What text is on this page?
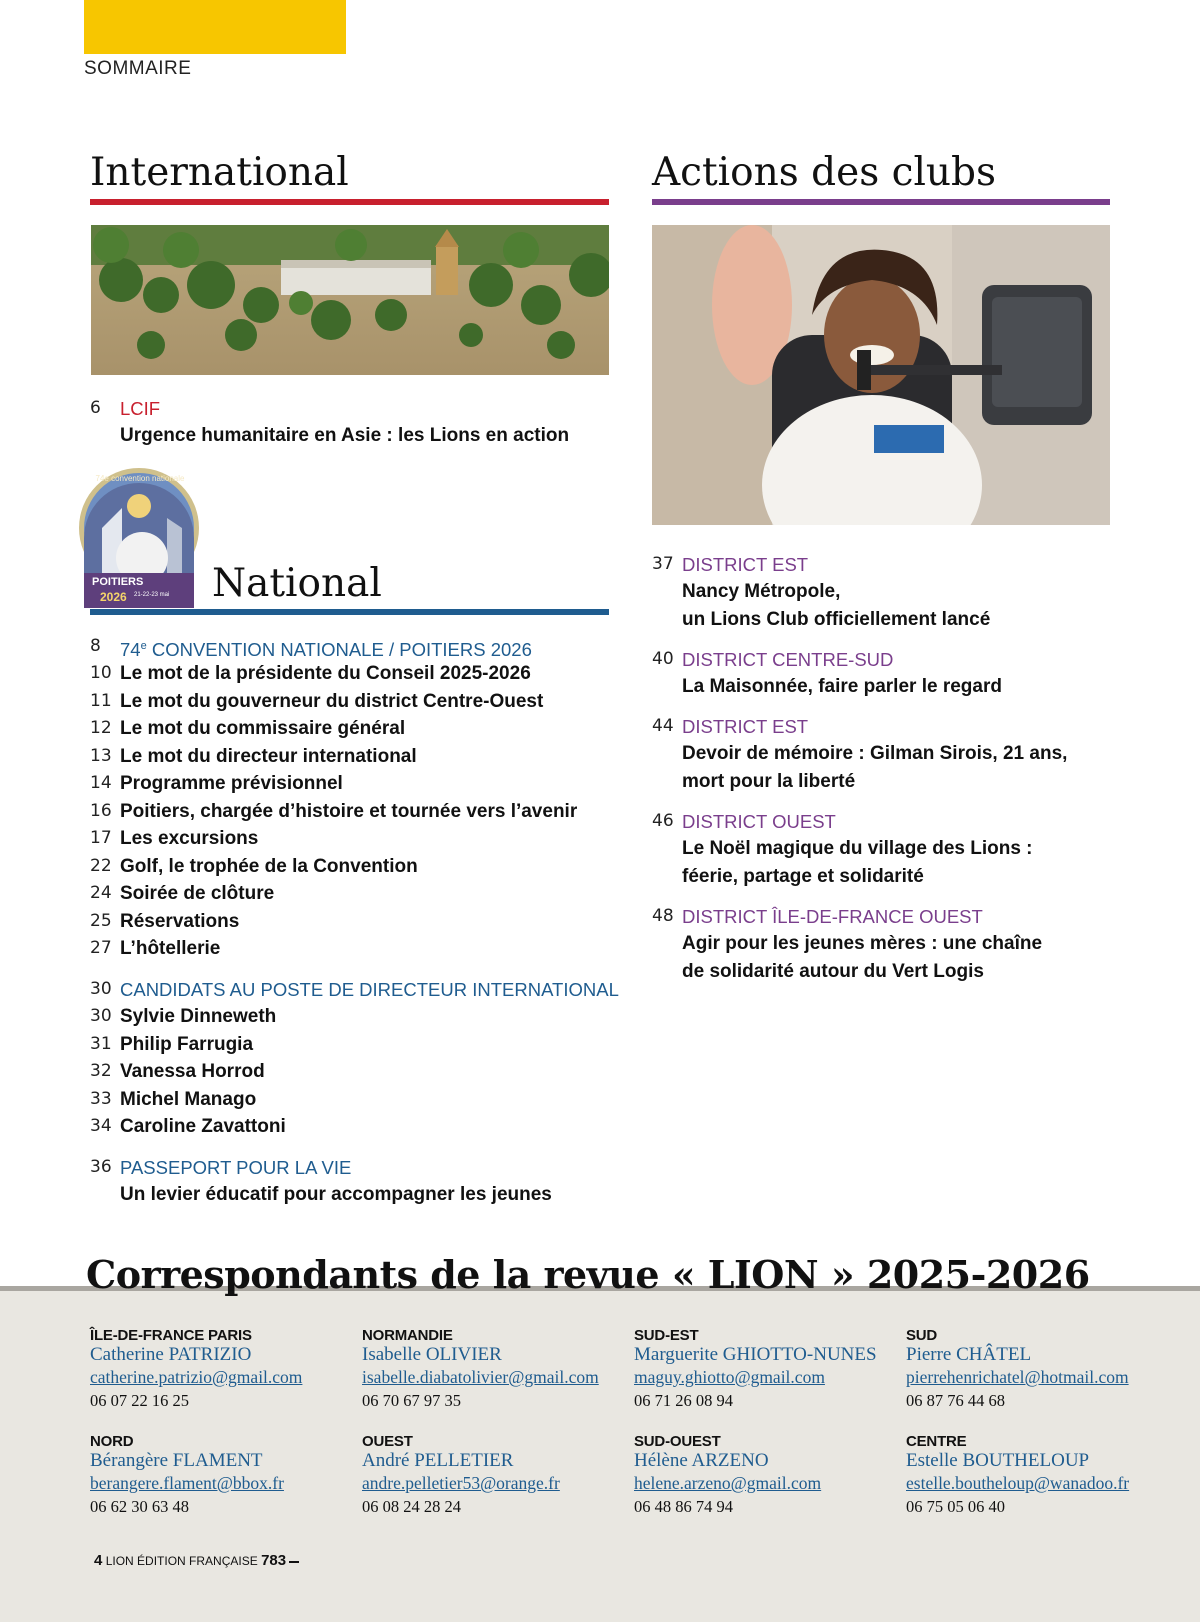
SOMMAIRE
International
6	LCIF
Urgence humanitaire en Asie : les Lions en action
POITIERS
2026 21-22-23 mai
74e convention nationale
National
8	74e CONVENTION NATIONALE / POITIERS 2026
10 Le mot de la présidente du Conseil 2025-2026
11 Le mot du gouverneur du district Centre-Ouest
12 Le mot du commissaire général
13 Le mot du directeur international
14 Programme prévisionnel
16 Poitiers, chargée d’histoire et tournée vers l’avenir
17 Les excursions
22 Golf, le trophée de la Convention
24 Soirée de clôture
25 Réservations
27 L’hôtellerie
30 CANDIDATS AU POSTE DE DIRECTEUR INTERNATIONAL
30 Sylvie Dinneweth
31 Philip Farrugia
32 Vanessa Horrod
33 Michel Manago
34 Caroline Zavattoni
36 PASSEPORT POUR LA VIE
Un levier éducatif pour accompagner les jeunes
Actions des clubs
37 DISTRICT EST
Nancy Métropole,
un Lions Club officiellement lancé
40 DISTRICT CENTRE-SUD
La Maisonnée, faire parler le regard
44 DISTRICT EST
Devoir de mémoire : Gilman Sirois, 21 ans,
mort pour la liberté
46 DISTRICT OUEST
Le Noël magique du village des Lions :
féerie, partage et solidarité
48 DISTRICT ÎLE-DE-FRANCE OUEST
Agir pour les jeunes mères : une chaîne
de solidarité autour du Vert Logis
Correspondants de la revue « LION » 2025-2026
ÎLE-DE-FRANCE PARIS
Catherine PATRIZIO
catherine.patrizio@gmail.com
06 07 22 16 25
NORMANDIE
Isabelle OLIVIER
isabelle.diabatolivier@gmail.com
06 70 67 97 35
SUD-EST
Marguerite GHIOTTO-NUNES
maguy.ghiotto@gmail.com
06 71 26 08 94
SUD
Pierre CHÂTEL
pierrehenrichatel@hotmail.com
06 87 76 44 68
NORD
Bérangère FLAMENT
berangere.flament@bbox.fr
06 62 30 63 48
OUEST
André PELLETIER
andre.pelletier53@orange.fr
06 08 24 28 24
SUD-OUEST
Hélène ARZENO
helene.arzeno@gmail.com
06 48 86 74 94
CENTRE
Estelle BOUTHELOUP
estelle.boutheloup@wanadoo.fr
06 75 05 06 40
4 LION ÉDITION FRANÇAISE 783
